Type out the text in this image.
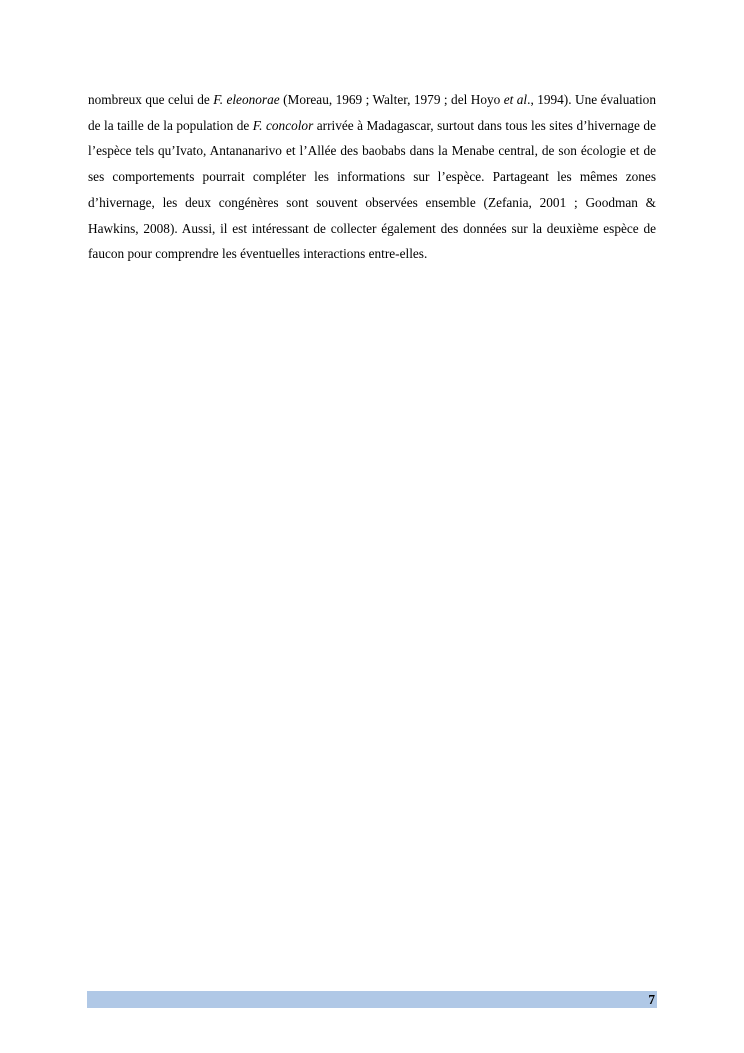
nombreux que celui de F. eleonorae (Moreau, 1969 ; Walter, 1979 ; del Hoyo et al., 1994). Une évaluation de la taille de la population de F. concolor arrivée à Madagascar, surtout dans tous les sites d’hivernage de l’espèce tels qu’Ivato, Antananarivo et l’Allée des baobabs dans la Menabe central, de son écologie et de ses comportements pourrait compléter les informations sur l’espèce. Partageant les mêmes zones d’hivernage, les deux congénères sont souvent observées ensemble (Zefania, 2001 ; Goodman & Hawkins, 2008). Aussi, il est intéressant de collecter également des données sur la deuxième espèce de faucon pour comprendre les éventuelles interactions entre-elles.

7
